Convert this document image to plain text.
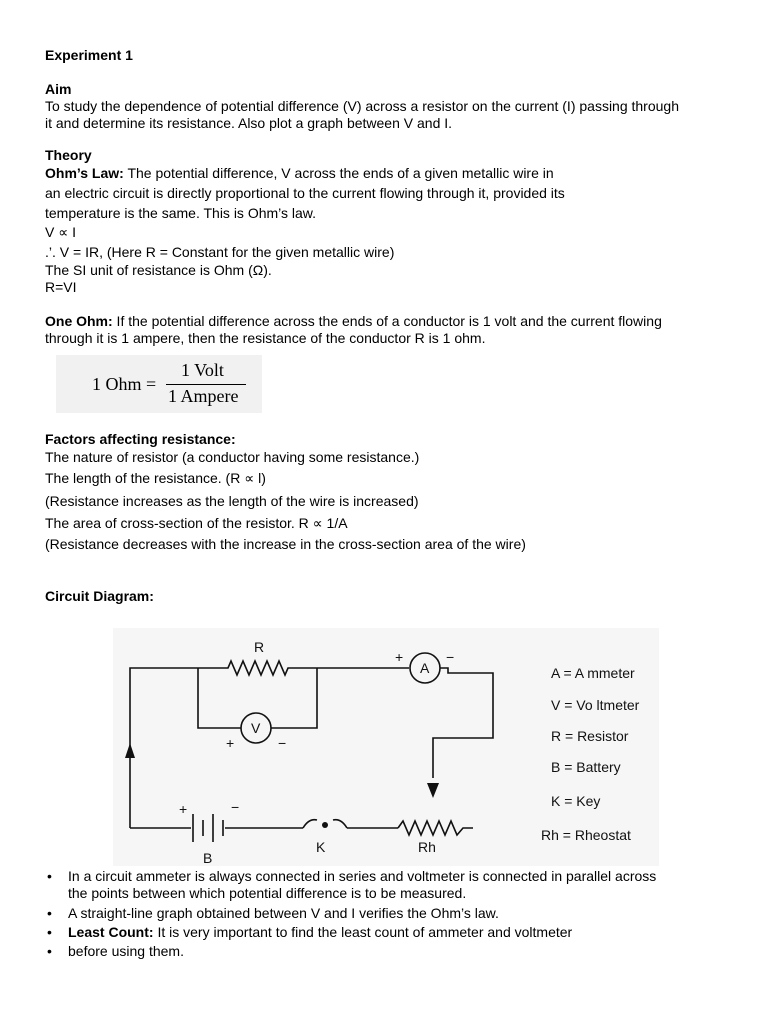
Experiment 1

Aim

To study the dependence of potential difference (V) across a resistor on the current (I) passing through

it and determine its resistance. Also plot a graph between V and I.

Theory

Ohm’s Law: The potential difference, V across the ends of a given metallic wire in

an electric circuit is directly proportional to the current flowing through it, provided its

temperature is the same. This is Ohm’s law.

V ∝ I

.’. V = IR, (Here R = Constant for the given metallic wire)

The SI unit of resistance is Ohm (Ω).

R=VI

One Ohm: If the potential difference across the ends of a conductor is 1 volt and the current flowing

through it is 1 ampere, then the resistance of the conductor R is 1 ohm.

1 Ohm =
1 Volt
1 Ampere

Factors affecting resistance:

The nature of resistor (a conductor having some resistance.)

The length of the resistance. (R ∝ l)

(Resistance increases as the length of the wire is increased)

The area of cross-section of the resistor. R ∝ 1/A

(Resistance decreases with the increase in the cross-section area of the wire)

Circuit Diagram:

R
A
V
B
K	Rh
+	−
+	−
+	−
A = A mmeter
V = Vo ltmeter
R = Resistor
B = Battery
K = Key
Rh = Rheostat
• In a circuit ammeter is always connected in series and voltmeter is connected in parallel across
the points between which potential difference is to be measured.
• A straight-line graph obtained between V and I verifies the Ohm’s law.
• Least Count: It is very important to find the least count of ammeter and voltmeter
• before using them.
